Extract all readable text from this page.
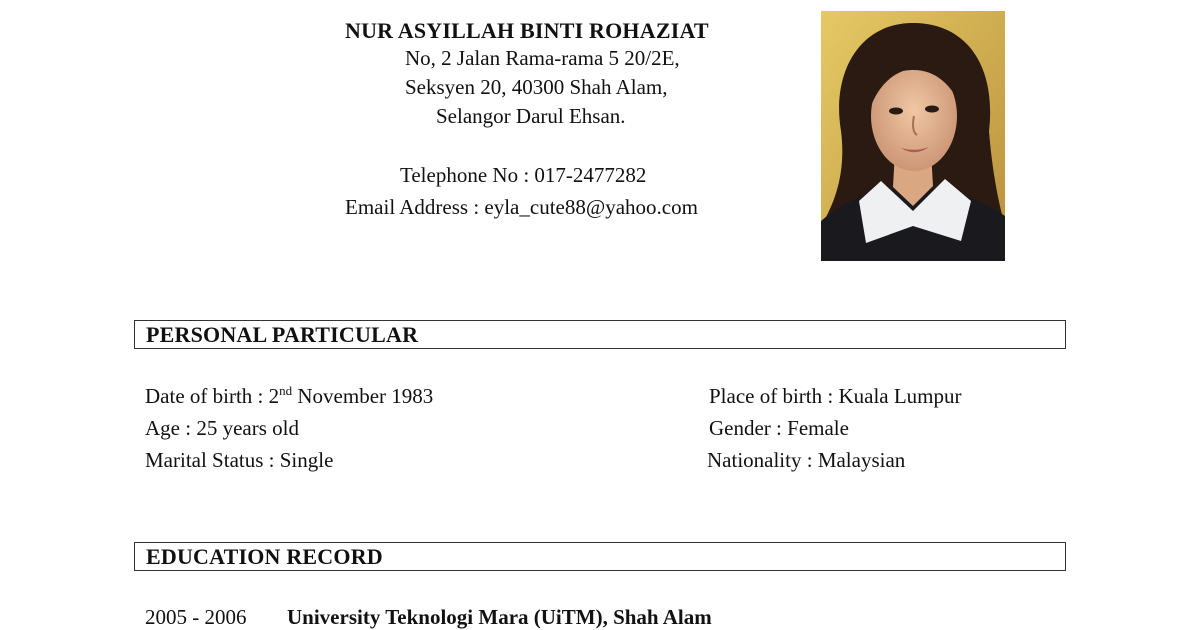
NUR ASYILLAH BINTI ROHAZIAT
No, 2 Jalan Rama-rama 5 20/2E,
Seksyen 20, 40300 Shah Alam,
Selangor Darul Ehsan.
Telephone No : 017-2477282
Email Address : eyla_cute88@yahoo.com
PERSONAL PARTICULAR
Date of birth : 2nd November 1983
Age : 25 years old
Marital Status : Single
Place of birth : Kuala Lumpur
Gender : Female
Nationality : Malaysian
EDUCATION RECORD
2005 - 2006 University Teknologi Mara (UiTM), Shah Alam
